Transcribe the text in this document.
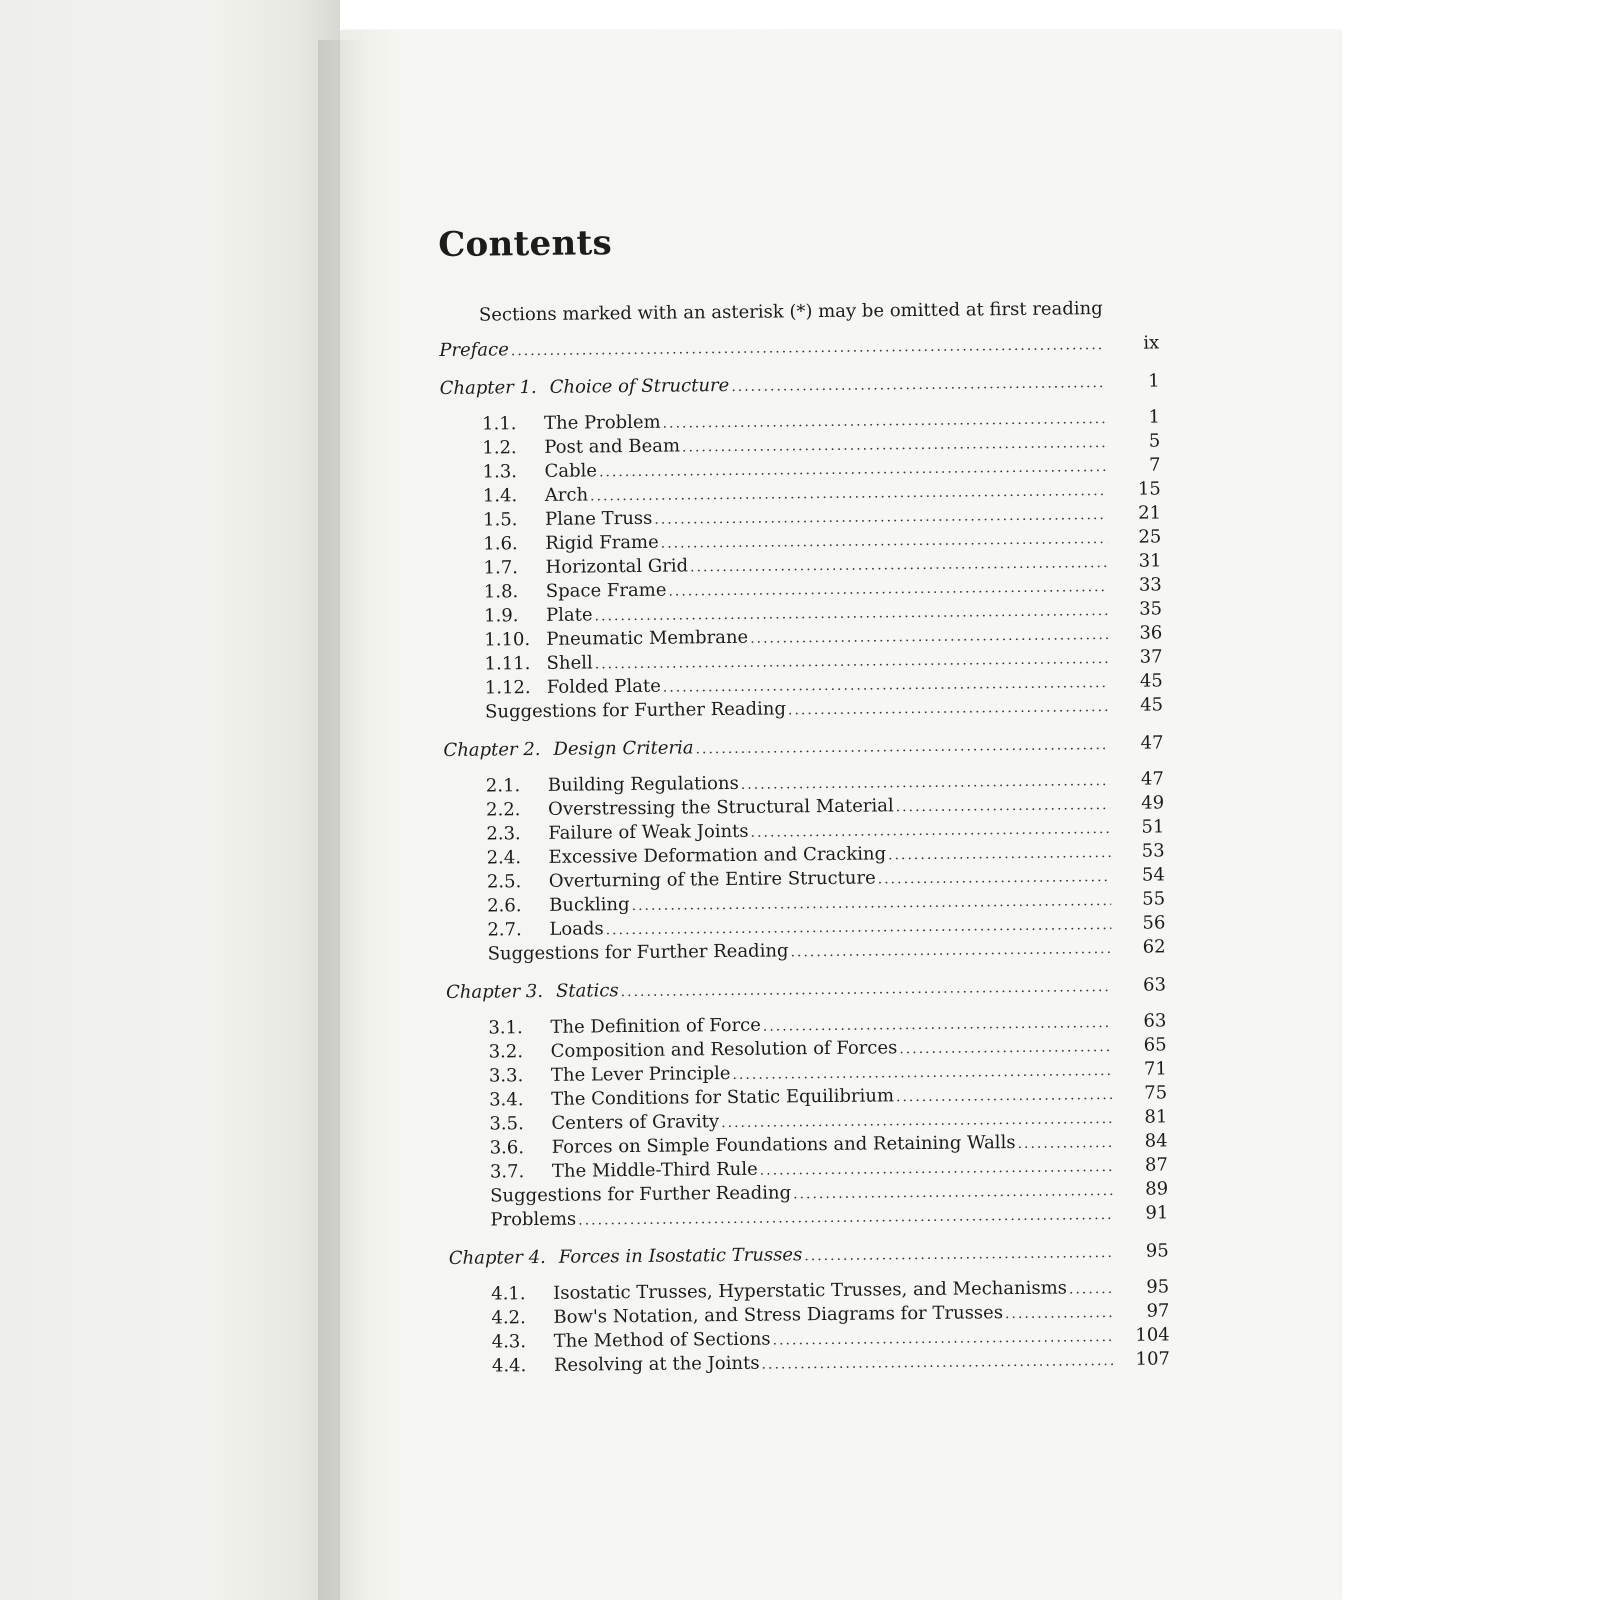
Contents
Sections marked with an asterisk (*) may be omitted at first reading
Preface .....	ix
Chapter 1. Choice of Structure .....	1
1.1.	The Problem .....	1
1.2.	Post and Beam .....	5
1.3.	Cable .....	7
1.4.	Arch .....	15
1.5.	Plane Truss .....	21
1.6.	Rigid Frame .....	25
1.7.	Horizontal Grid .....	31
1.8.	Space Frame .....	33
1.9.	Plate .....	35
1.10. Pneumatic Membrane .....	36
1.11. Shell .....	37
1.12. Folded Plate .....	45
Suggestions for Further Reading .....	45
Chapter 2. Design Criteria .....	47
2.1.	Building Regulations .....	47
2.2.	Overstressing the Structural Material .....	49
2.3.	Failure of Weak Joints .....	51
2.4.	Excessive Deformation and Cracking .....	53
2.5.	Overturning of the Entire Structure .....	54
2.6.	Buckling .....	55
2.7.	Loads .....	56
Suggestions for Further Reading .....	62
Chapter 3. Statics .....	63
3.1.	The Definition of Force .....	63
3.2.	Composition and Resolution of Forces .....	65
3.3.	The Lever Principle .....	71
3.4.	The Conditions for Static Equilibrium .....	75
3.5.	Centers of Gravity .....	81
3.6.	Forces on Simple Foundations and Retaining Walls .....	84
3.7.	The Middle-Third Rule .....	87
Suggestions for Further Reading .....	89
Problems .....	91
Chapter 4. Forces in Isostatic Trusses .....	95
4.1.	Isostatic Trusses, Hyperstatic Trusses, and Mechanisms .....	95
4.2.	Bow's Notation, and Stress Diagrams for Trusses .....	97
4.3.	The Method of Sections .....	104
4.4.	Resolving at the Joints .....	107
